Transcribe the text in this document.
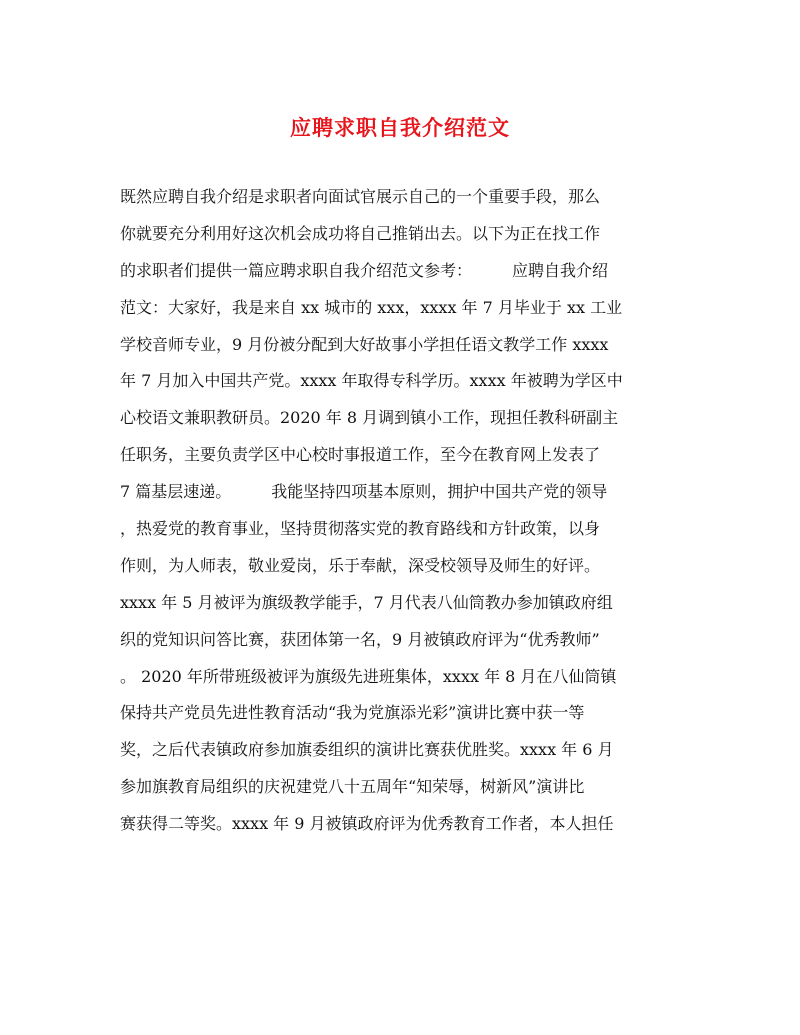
应聘求职自我介绍范文
既然应聘自我介绍是求职者向面试官展示自己的一个重要手段，那么
你就要充分利用好这次机会成功将自己推销出去。以下为正在找工作
的求职者们提供一篇应聘求职自我介绍范文参考：　　　应聘自我介绍
范文：大家好，我是来自 xx 城市的 xxx，xxxx 年 7 月毕业于 xx 工业
学校音师专业，9 月份被分配到大好故事小学担任语文教学工作 xxxx
年 7 月加入中国共产党。xxxx 年取得专科学历。xxxx 年被聘为学区中
心校语文兼职教研员。2020 年 8 月调到镇小工作，现担任教科研副主
任职务，主要负责学区中心校时事报道工作，至今在教育网上发表了
7 篇基层速递。　　　我能坚持四项基本原则，拥护中国共产党的领导
，热爱党的教育事业，坚持贯彻落实党的教育路线和方针政策，以身
作则，为人师表，敬业爱岗，乐于奉献，深受校领导及师生的好评。
xxxx 年 5 月被评为旗级教学能手，7 月代表八仙筒教办参加镇政府组
织的党知识问答比赛，获团体第一名，9 月被镇政府评为“优秀教师”
。 2020 年所带班级被评为旗级先进班集体，xxxx 年 8 月在八仙筒镇
保持共产党员先进性教育活动“我为党旗添光彩”演讲比赛中获一等
奖，之后代表镇政府参加旗委组织的演讲比赛获优胜奖。xxxx 年 6 月
参加旗教育局组织的庆祝建党八十五周年“知荣辱，树新风”演讲比
赛获得二等奖。xxxx 年 9 月被镇政府评为优秀教育工作者，本人担任
